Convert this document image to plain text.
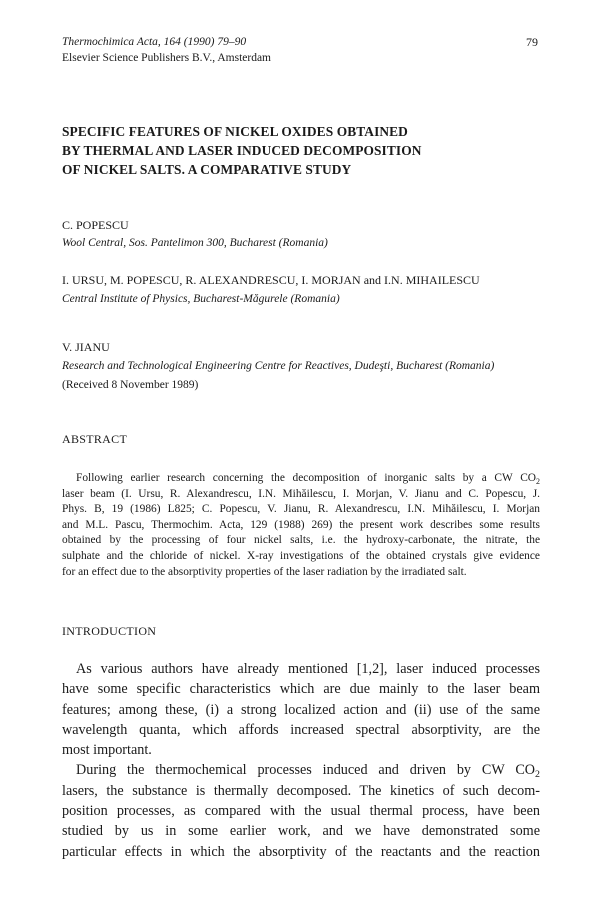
Thermochimica Acta, 164 (1990) 79–90
Elsevier Science Publishers B.V., Amsterdam
79
SPECIFIC FEATURES OF NICKEL OXIDES OBTAINED
BY THERMAL AND LASER INDUCED DECOMPOSITION
OF NICKEL SALTS. A COMPARATIVE STUDY
C. POPESCU
Wool Central, Sos. Pantelimon 300, Bucharest (Romania)
I. URSU, M. POPESCU, R. ALEXANDRESCU, I. MORJAN and I.N. MIHAILESCU
Central Institute of Physics, Bucharest-Măgurele (Romania)
V. JIANU
Research and Technological Engineering Centre for Reactives, Dudeşti, Bucharest (Romania)
(Received 8 November 1989)
ABSTRACT
Following earlier research concerning the decomposition of inorganic salts by a CW $CO_2$
laser beam (I. Ursu, R. Alexandrescu, I.N. Mihăilescu, I. Morjan, V. Jianu and C. Popescu, J.
Phys. B, 19 (1986) L825; C. Popescu, V. Jianu, R. Alexandrescu, I.N. Mihăilescu, I. Morjan
and M.L. Pascu, Thermochim. Acta, 129 (1988) 269) the present work describes some results
obtained by the processing of four nickel salts, i.e. the hydroxy-carbonate, the nitrate, the
sulphate and the chloride of nickel. X-ray investigations of the obtained crystals give evidence
for an effect due to the absorptivity properties of the laser radiation by the irradiated salt.
INTRODUCTION
As various authors have already mentioned [1,2], laser induced processes
have some specific characteristics which are due mainly to the laser beam
features; among these, (i) a strong localized action and (ii) use of the same
wavelength quanta, which affords increased spectral absorptivity, are the
most important.
During the thermochemical processes induced and driven by CW $CO_2$
lasers, the substance is thermally decomposed. The kinetics of such decom-
position processes, as compared with the usual thermal process, have been
studied by us in some earlier work, and we have demonstrated some
particular effects in which the absorptivity of the reactants and the reaction
